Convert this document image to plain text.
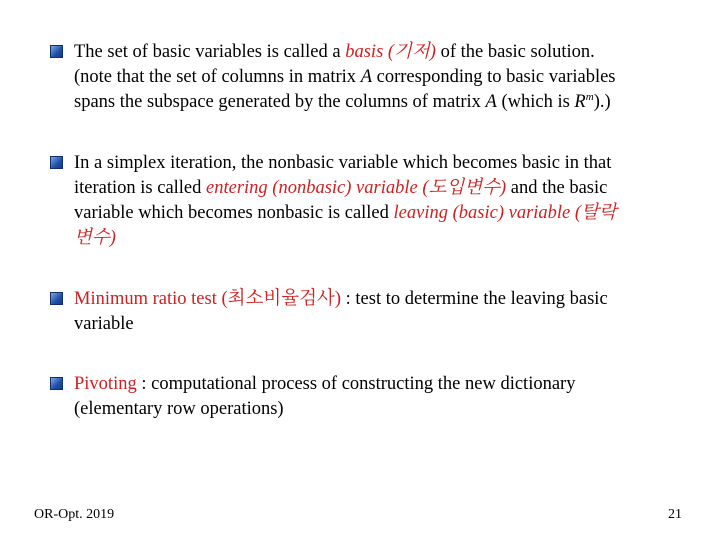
The set of basic variables is called a basis (기저) of the basic solution.
(note that the set of columns in matrix A corresponding to basic variables
spans the subspace generated by the columns of matrix A (which is $R^m$).)
In a simplex iteration, the nonbasic variable which becomes basic in that
iteration is called entering (nonbasic) variable (도입변수) and the basic
variable which becomes nonbasic is called leaving (basic) variable (탈락
변수)
Minimum ratio test (최소비율검사) : test to determine the leaving basic
variable
Pivoting : computational process of constructing the new dictionary
(elementary row operations)
OR-Opt. 2019	21
